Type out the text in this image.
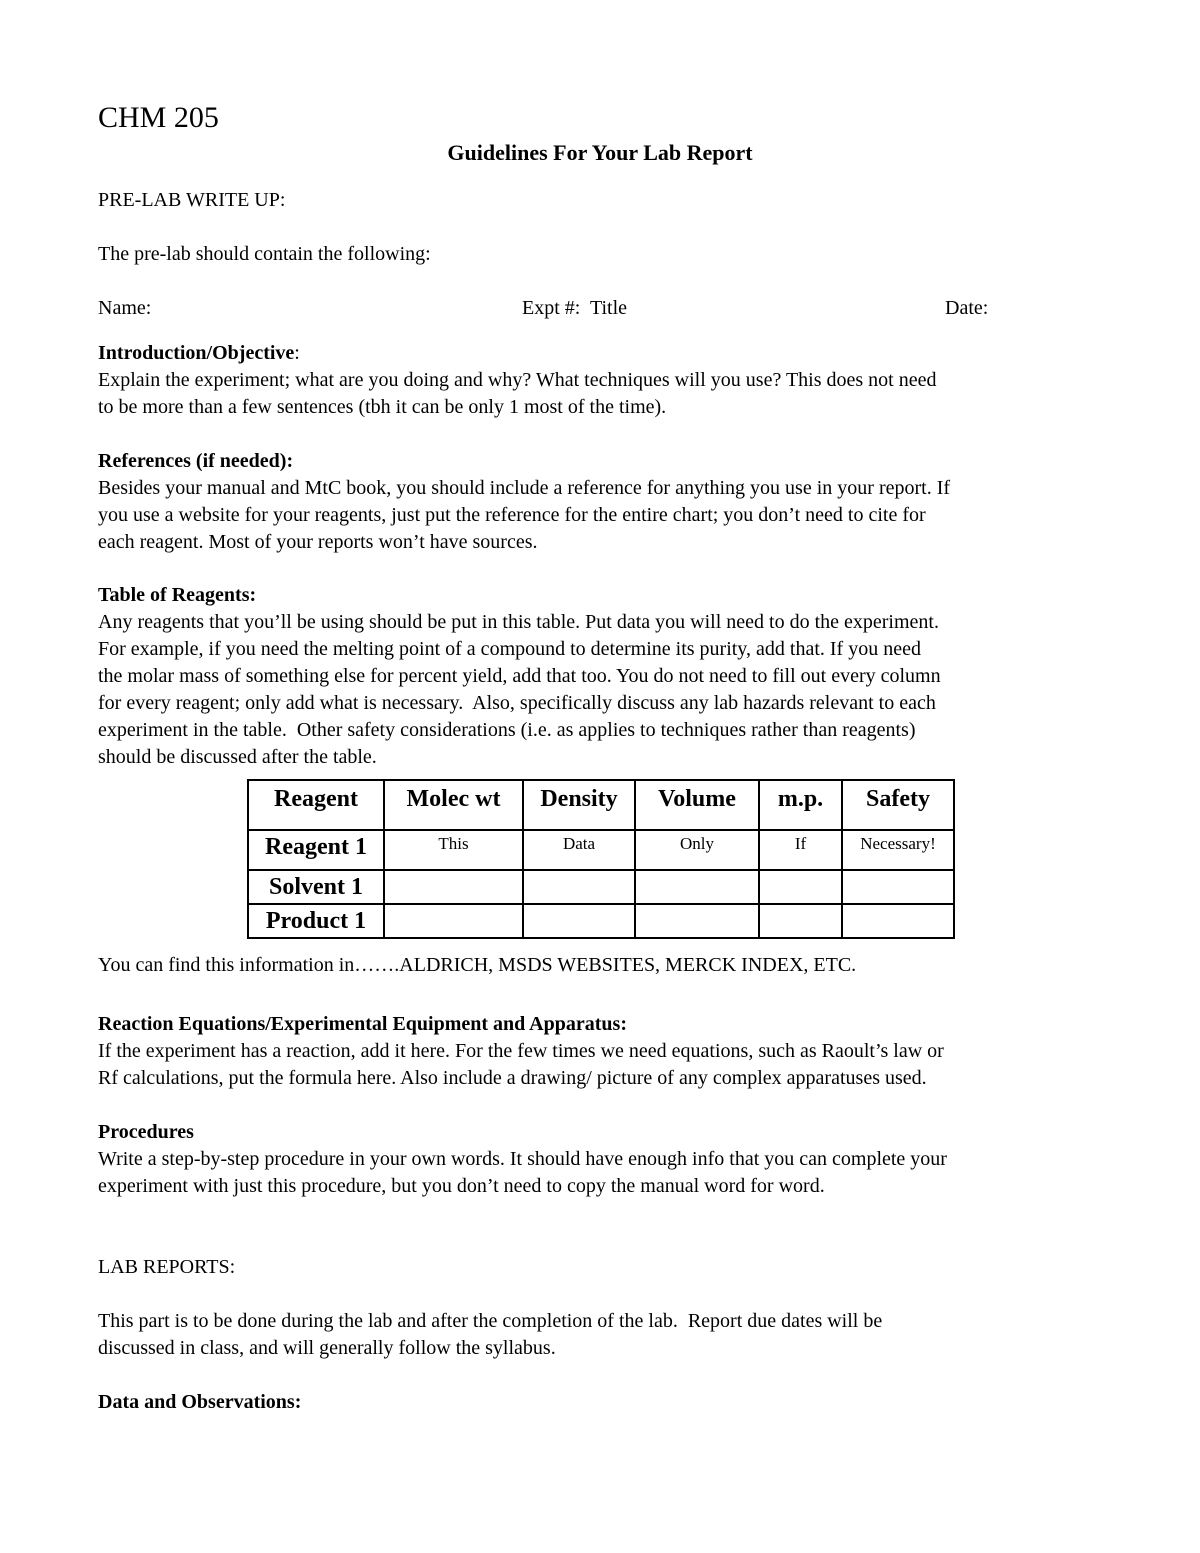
CHM 205
Guidelines For Your Lab Report
PRE-LAB WRITE UP:
The pre-lab should contain the following:
Name:	Expt #:  Title	Date:
Introduction/Objective:
Explain the experiment; what are you doing and why? What techniques will you use? This does not need
to be more than a few sentences (tbh it can be only 1 most of the time).
References (if needed):
Besides your manual and MtC book, you should include a reference for anything you use in your report. If
you use a website for your reagents, just put the reference for the entire chart; you don’t need to cite for
each reagent. Most of your reports won’t have sources.
Table of Reagents:
Any reagents that you’ll be using should be put in this table. Put data you will need to do the experiment.
For example, if you need the melting point of a compound to determine its purity, add that. If you need
the molar mass of something else for percent yield, add that too. You do not need to fill out every column
for every reagent; only add what is necessary.  Also, specifically discuss any lab hazards relevant to each
experiment in the table.  Other safety considerations (i.e. as applies to techniques rather than reagents)
should be discussed after the table.
Reagent	Molec wt	Density	Volume	m.p.	Safety
Reagent 1	This	Data	Only	If	Necessary!
Solvent 1					
Product 1					
You can find this information in…….ALDRICH, MSDS WEBSITES, MERCK INDEX, ETC.
Reaction Equations/Experimental Equipment and Apparatus:
If the experiment has a reaction, add it here. For the few times we need equations, such as Raoult’s law or
Rf calculations, put the formula here. Also include a drawing/ picture of any complex apparatuses used.
Procedures
Write a step-by-step procedure in your own words. It should have enough info that you can complete your
experiment with just this procedure, but you don’t need to copy the manual word for word.
LAB REPORTS:
This part is to be done during the lab and after the completion of the lab.  Report due dates will be
discussed in class, and will generally follow the syllabus.
Data and Observations:
